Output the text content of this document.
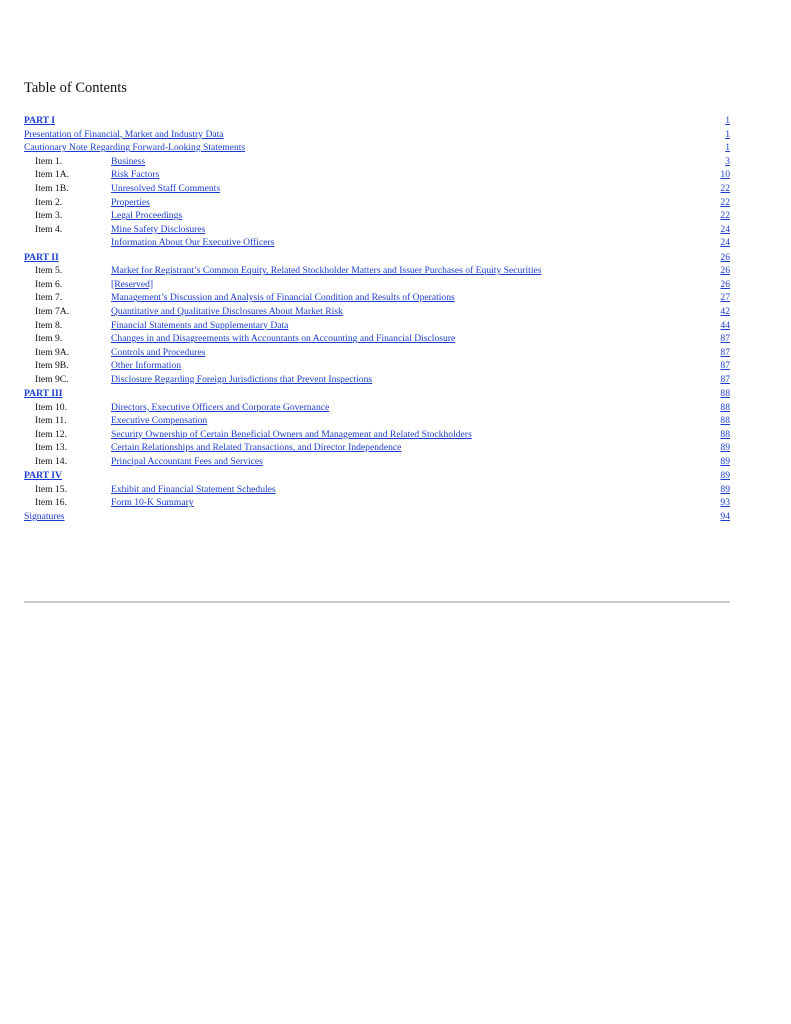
Table of Contents
PART I	1
Presentation of Financial, Market and Industry Data	1
Cautionary Note Regarding Forward-Looking Statements	1
Item 1.	Business	3
Item 1A.	Risk Factors	10
Item 1B.	Unresolved Staff Comments	22
Item 2.	Properties	22
Item 3.	Legal Proceedings	22
Item 4.	Mine Safety Disclosures	24
Information About Our Executive Officers	24
PART II	26
Item 5.	Market for Registrant’s Common Equity, Related Stockholder Matters and Issuer Purchases of Equity Securities	26
Item 6.	[Reserved]	26
Item 7.	Management’s Discussion and Analysis of Financial Condition and Results of Operations	27
Item 7A.	Quantitative and Qualitative Disclosures About Market Risk	42
Item 8.	Financial Statements and Supplementary Data	44
Item 9.	Changes in and Disagreements with Accountants on Accounting and Financial Disclosure	87
Item 9A.	Controls and Procedures	87
Item 9B.	Other Information	87
Item 9C.	Disclosure Regarding Foreign Jurisdictions that Prevent Inspections	87
PART III	88
Item 10.	Directors, Executive Officers and Corporate Governance	88
Item 11.	Executive Compensation	88
Item 12.	Security Ownership of Certain Beneficial Owners and Management and Related Stockholders	88
Item 13.	Certain Relationships and Related Transactions, and Director Independence	89
Item 14.	Principal Accountant Fees and Services	89
PART IV	89
Item 15.	Exhibit and Financial Statement Schedules	89
Item 16.	Form 10-K Summary	93
Signatures	94
